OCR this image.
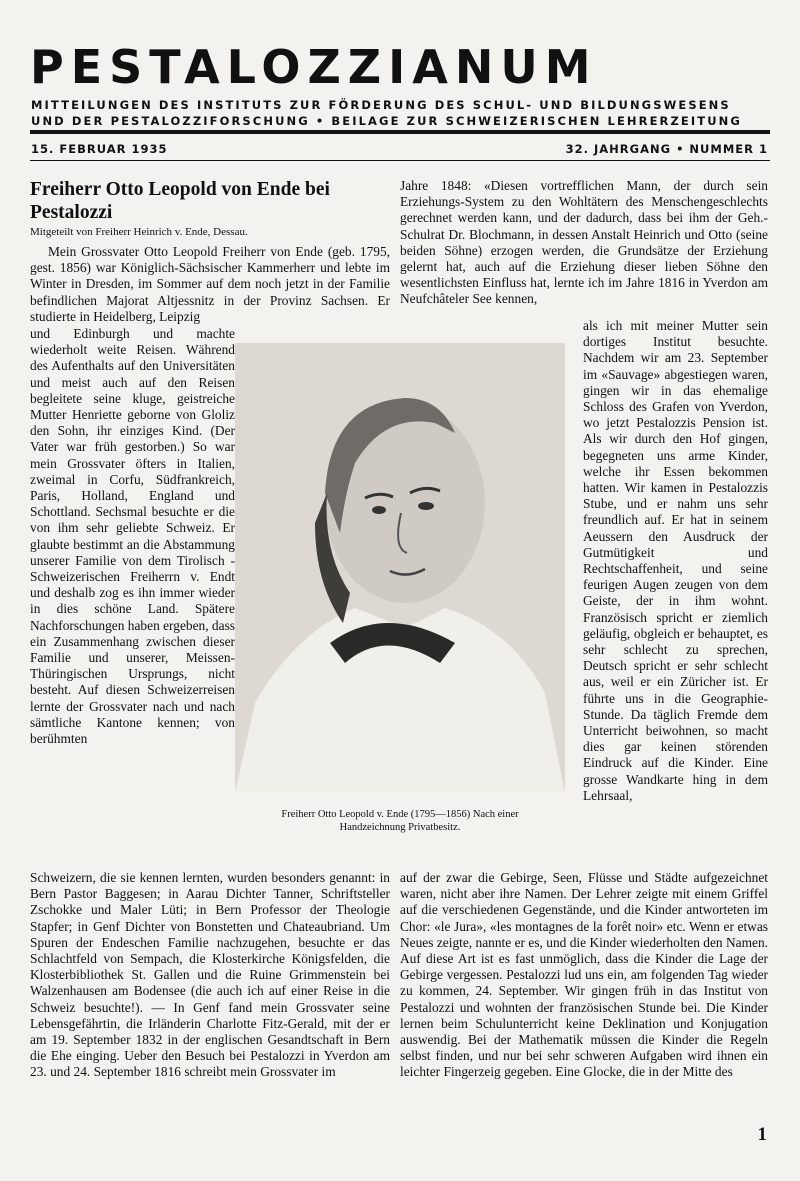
PESTALOZZIANUM
MITTEILUNGEN DES INSTITUTS ZUR FÖRDERUNG DES SCHUL- UND BILDUNGSWESENS
UND DER PESTALOZZIFORSCHUNG • BEILAGE ZUR SCHWEIZERISCHEN LEHRERZEITUNG
15. FEBRUAR 1935	32. JAHRGANG • NUMMER 1
Freiherr Otto Leopold von Ende bei Pestalozzi
Mitgeteilt von Freiherr Heinrich v. Ende, Dessau.

Mein Grossvater Otto Leopold Freiherr von Ende (geb. 1795, gest. 1856) war Königlich-Sächsischer Kammerherr und lebte im Winter in Dresden, im Sommer auf dem noch jetzt in der Familie befindlichen Majorat Altjessnitz in der Provinz Sachsen. Er studierte in Heidelberg, Leipzig

und Edinburgh und machte wiederholt weite Reisen. Während des Aufenthalts auf den Universitäten und meist auch auf den Reisen begleitete seine kluge, geistreiche Mutter Henriette geborne von Gloliz den Sohn, ihr einziges Kind. (Der Vater war früh gestorben.) So war mein Grossvater öfters in Italien, zweimal in Corfu, Südfrankreich, Paris, Holland, England und Schottland. Sechsmal besuchte er die von ihm sehr geliebte Schweiz. Er glaubte bestimmt an die Abstammung unserer Familie von dem Tirolisch - Schweizerischen Freiherrn v. Endt und deshalb zog es ihn immer wieder in dies schöne Land. Spätere Nachforschungen haben ergeben, dass ein Zusammenhang zwischen dieser Familie und unserer, Meissen-Thüringischen Ursprungs, nicht besteht. Auf diesen Schweizerreisen lernte der Grossvater nach und nach sämtliche Kantone kennen; von berühmten

Jahre 1848: «Diesen vortrefflichen Mann, der durch sein Erziehungs-System zu den Wohltätern des Menschengeschlechts gerechnet werden kann, und der dadurch, dass bei ihm der Geh.-Schulrat Dr. Blochmann, in dessen Anstalt Heinrich und Otto (seine beiden Söhne) erzogen werden, die Grundsätze der Erziehung gelernt hat, auch auf die Erziehung dieser lieben Söhne den wesentlichsten Einfluss hat, lernte ich im Jahre 1816 in Yverdon am Neufchâteler See kennen,

als ich mit meiner Mutter sein dortiges Institut besuchte. Nachdem wir am 23. September im «Sauvage» abgestiegen waren, gingen wir in das ehemalige Schloss des Grafen von Yverdon, wo jetzt Pestalozzis Pension ist. Als wir durch den Hof gingen, begegneten uns arme Kinder, welche ihr Essen bekommen hatten. Wir kamen in Pestalozzis Stube, und er nahm uns sehr freundlich auf. Er hat in seinem Aeussern den Ausdruck der Gutmütigkeit und Rechtschaffenheit, und seine feurigen Augen zeugen von dem Geiste, der in ihm wohnt. Französisch spricht er ziemlich geläufig, obgleich er behauptet, es sehr schlecht zu sprechen, Deutsch spricht er sehr schlecht aus, weil er ein Züricher ist. Er führte uns in die Geographie-Stunde. Da täglich Fremde dem Unterricht beiwohnen, so macht dies gar keinen störenden Eindruck auf die Kinder. Eine grosse Wandkarte hing in dem Lehrsaal,

Schweizern, die sie kennen lernten, wurden besonders genannt: in Bern Pastor Baggesen; in Aarau Dichter Tanner, Schriftsteller Zschokke und Maler Lüti; in Bern Professor der Theologie Stapfer; in Genf Dichter von Bonstetten und Chateaubriand. Um Spuren der Endeschen Familie nachzugehen, besuchte er das Schlachtfeld von Sempach, die Klosterkirche Königsfelden, die Klosterbibliothek St. Gallen und die Ruine Grimmenstein bei Walzenhausen am Bodensee (die auch ich auf einer Reise in die Schweiz besuchte!). — In Genf fand mein Grossvater seine Lebensgefährtin, die Irländerin Charlotte Fitz-Gerald, mit der er am 19. September 1832 in der englischen Gesandtschaft in Bern die Ehe einging. Ueber den Besuch bei Pestalozzi in Yverdon am 23. und 24. September 1816 schreibt mein Grossvater im

auf der zwar die Gebirge, Seen, Flüsse und Städte aufgezeichnet waren, nicht aber ihre Namen. Der Lehrer zeigte mit einem Griffel auf die verschiedenen Gegenstände, und die Kinder antworteten im Chor: «le Jura», «les montagnes de la forêt noir» etc. Wenn er etwas Neues zeigte, nannte er es, und die Kinder wiederholten den Namen. Auf diese Art ist es fast unmöglich, dass die Kinder die Lage der Gebirge vergessen. Pestalozzi lud uns ein, am folgenden Tag wieder zu kommen, 24. September. Wir gingen früh in das Institut von Pestalozzi und wohnten der französischen Stunde bei. Die Kinder lernen beim Schulunterricht keine Deklination und Konjugation auswendig. Bei der Mathematik müssen die Kinder die Regeln selbst finden, und nur bei sehr schweren Aufgaben wird ihnen ein leichter Fingerzeig gegeben. Eine Glocke, die in der Mitte des

Freiherr Otto Leopold v. Ende (1795—1856) Nach einer Handzeichnung Privatbesitz.
1
